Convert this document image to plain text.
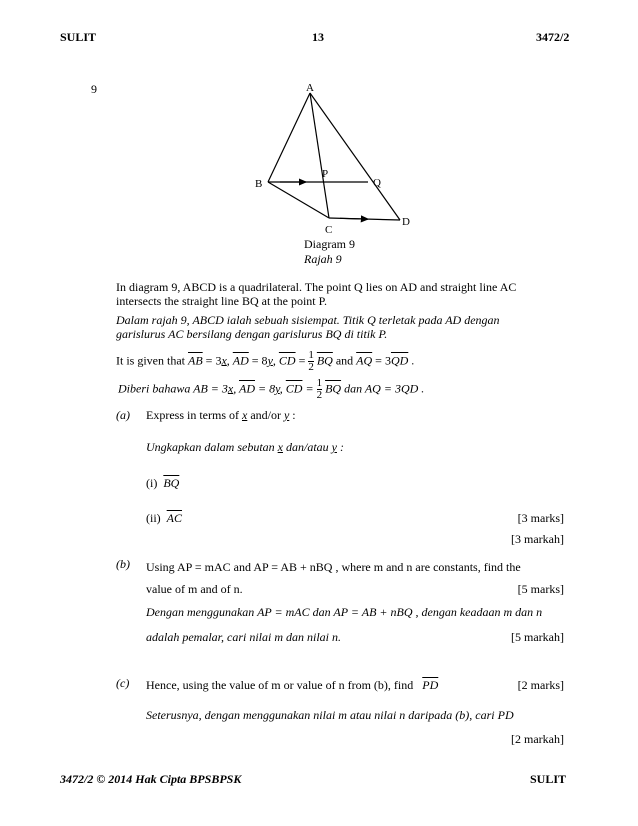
SULIT	13	3472/2
9	A
B
C
D
P
Q
Diagram 9
Rajah 9
In diagram 9, ABCD is a quadrilateral. The point Q lies on AD and straight line AC
intersects the straight line BQ at the point P.
Dalam rajah 9, ABCD ialah sebuah sisiempat. Titik Q terletak pada AD dengan
garislurus AC bersilang dengan garislurus BQ di titik P.
It is given that $\overline{AB} = 3x$, $\overline{AD} = 8y$, $\overline{CD} = \frac{1}{2} \overline{BQ}$ and $\overline{AQ} = 3\overline{QD}$ .
Diberi bahawa AB = 3x, $\overline{AD} = 8y$, $\overline{CD} = \frac{1}{2} \overline{BQ}$ dan AQ = 3QD .
(a) Express in terms of x and/or y :
Ungkapkan dalam sebutan x dan/atau y :
(i) $\overline{BQ}$
(ii) $\overline{AC}$	[3 marks]
[3 markah]
(b) Using AP = mAC and AP = AB + nBQ , where m and n are constants, find the
value of m and of n.	[5 marks]
Dengan menggunakan AP = mAC dan AP = AB + nBQ , dengan keadaan m dan n
adalah pemalar, cari nilai m dan nilai n.	[5 markah]
(c) Hence, using the value of m or value of n from (b), find $\overline{PD}$	[2 marks]
Seterusnya, dengan menggunakan nilai m atau nilai n daripada (b), cari PD
[2 markah]
3472/2 © 2014 Hak Cipta BPSBPSK	SULIT
